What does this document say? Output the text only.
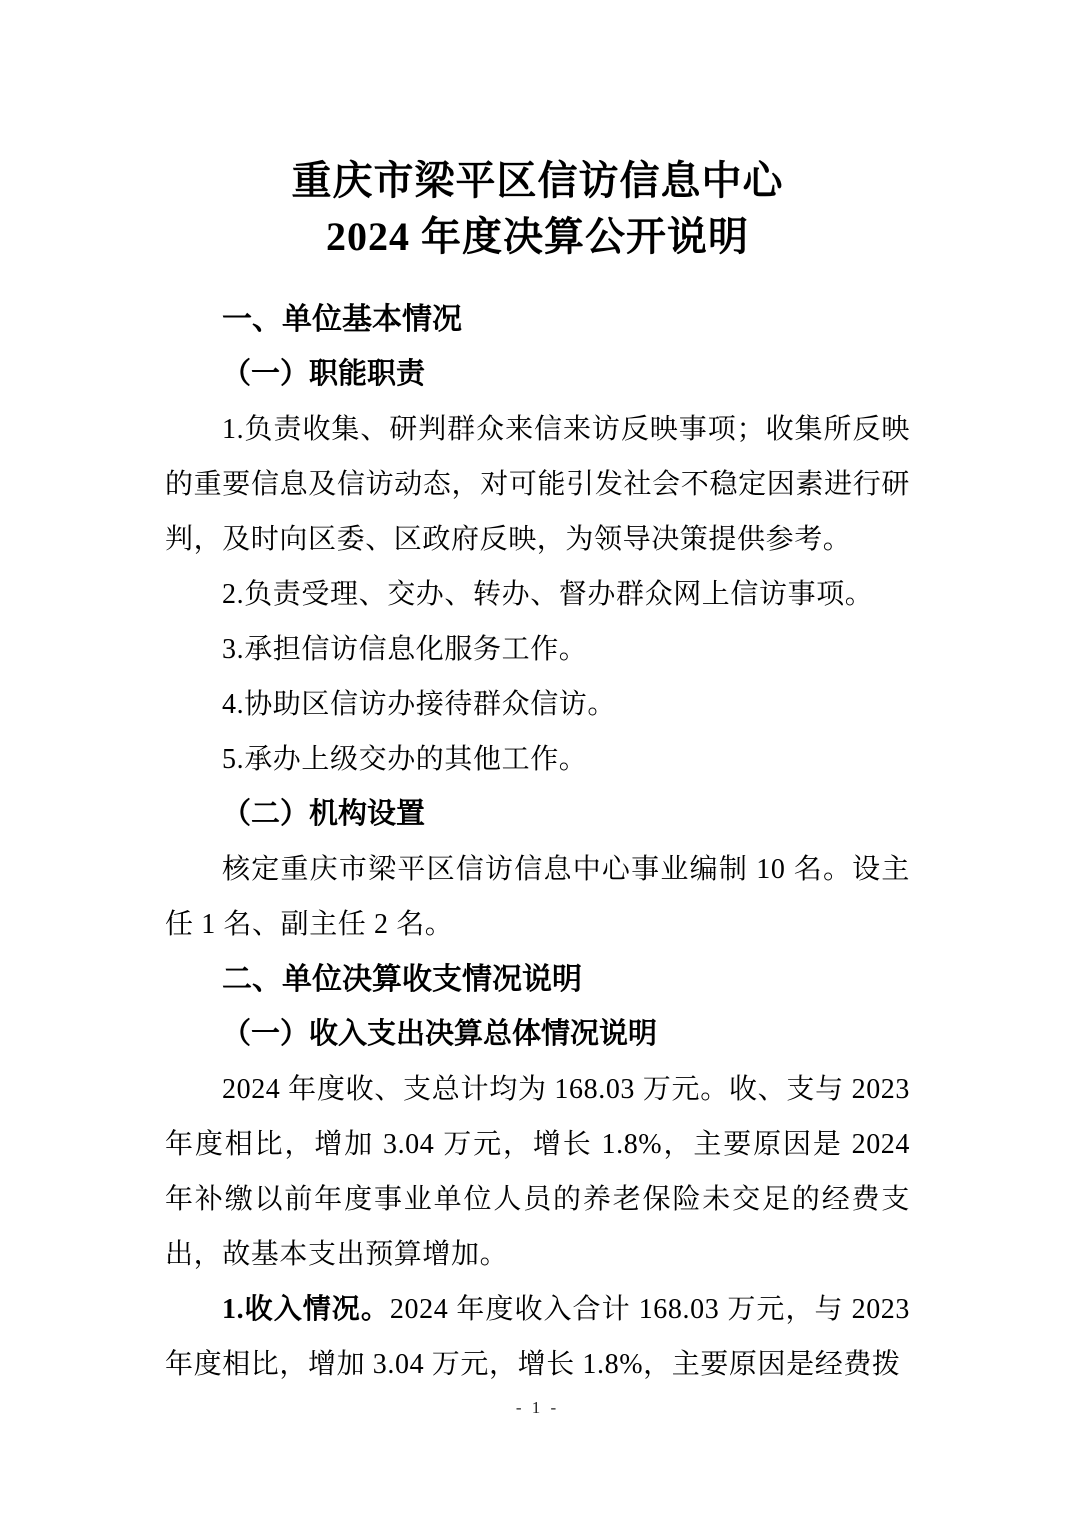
重庆市梁平区信访信息中心
2024 年度决算公开说明
一、单位基本情况
（一）职能职责

1.负责收集、研判群众来信来访反映事项；收集所反映的重要信息及信访动态，对可能引发社会不稳定因素进行研判，及时向区委、区政府反映，为领导决策提供参考。

2.负责受理、交办、转办、督办群众网上信访事项。

3.承担信访信息化服务工作。

4.协助区信访办接待群众信访。

5.承办上级交办的其他工作。

（二）机构设置

核定重庆市梁平区信访信息中心事业编制 10 名。设主任 1 名、副主任 2 名。

二、单位决算收支情况说明
（一）收入支出决算总体情况说明

2024 年度收、支总计均为 168.03 万元。收、支与 2023 年度相比，增加 3.04 万元，增长 1.8%，主要原因是 2024 年补缴以前年度事业单位人员的养老保险未交足的经费支出，故基本支出预算增加。

1.收入情况。2024 年度收入合计 168.03 万元，与 2023 年度相比，增加 3.04 万元，增长 1.8%，主要原因是经费拨

- 1 -
